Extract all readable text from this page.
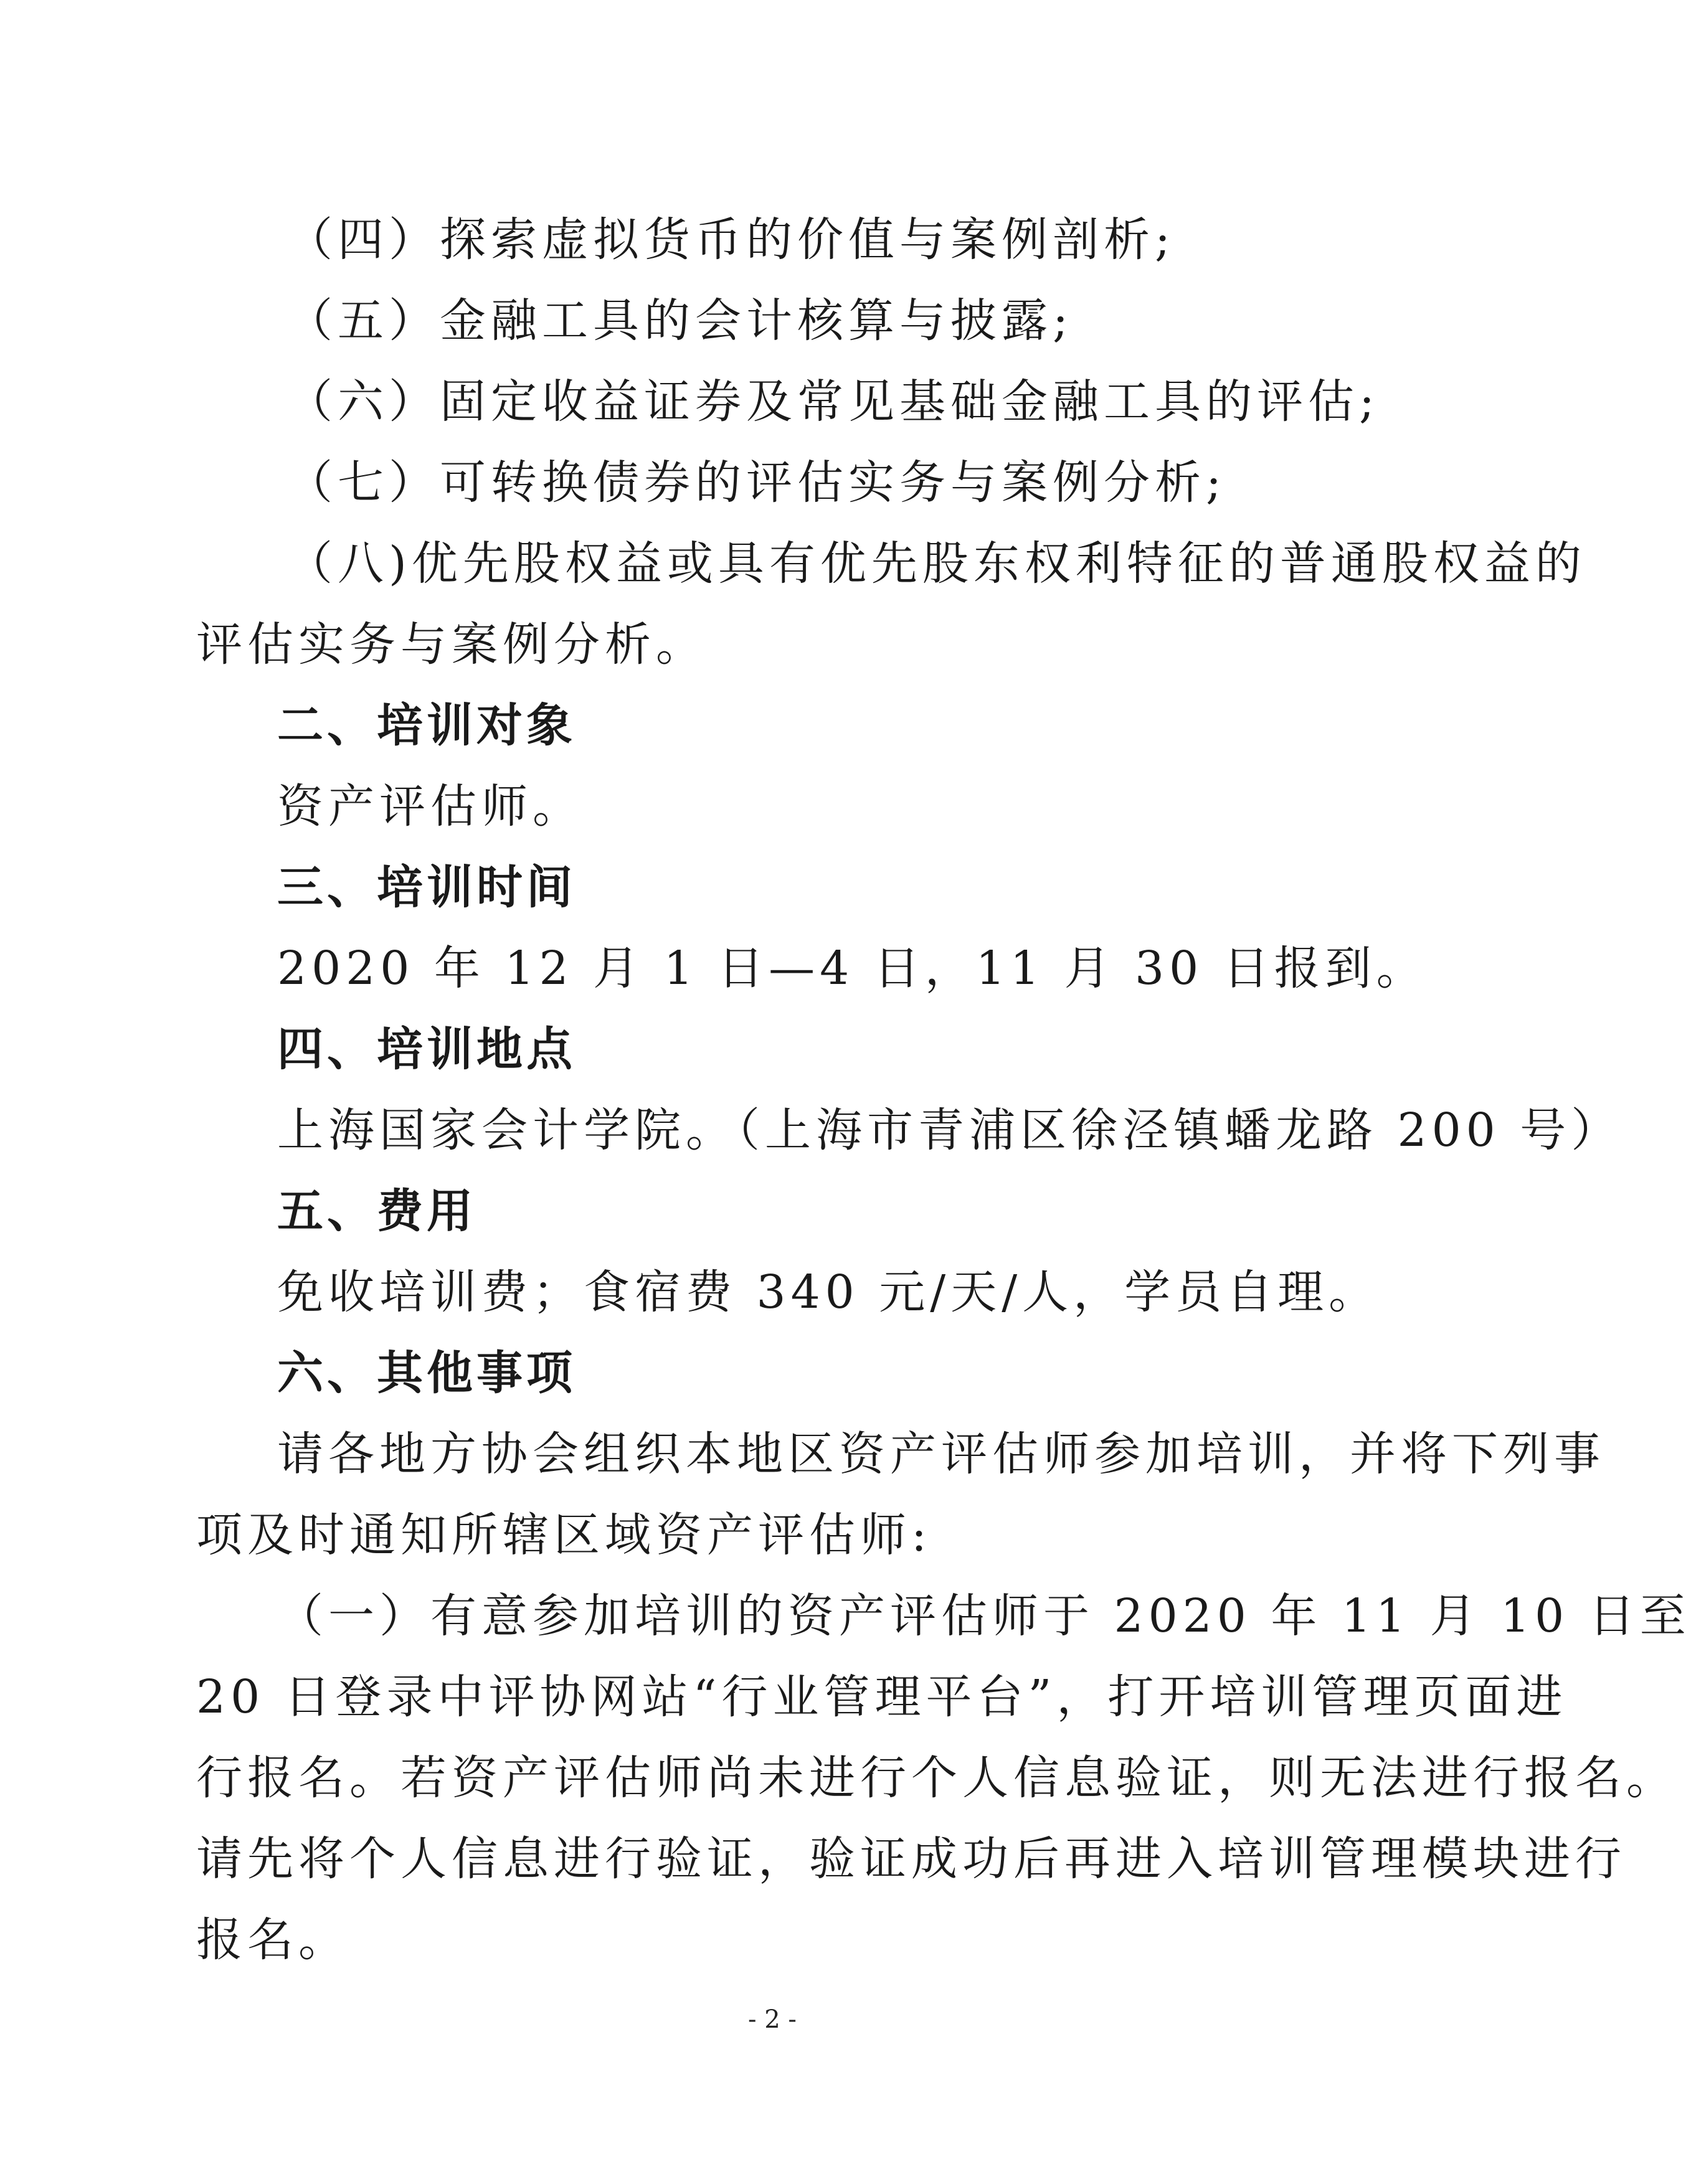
（四）探索虚拟货币的价值与案例剖析;
（五）金融工具的会计核算与披露;
（六）固定收益证券及常见基础金融工具的评估;
（七）可转换债券的评估实务与案例分析;
（八)优先股权益或具有优先股东权利特征的普通股权益的
评估实务与案例分析。
二、培训对象
资产评估师。
三、培训时间
2020 年 12 月 1 日—4 日，11 月 30 日报到。
四、培训地点
上海国家会计学院。（上海市青浦区徐泾镇蟠龙路 200 号）
五、费用
免收培训费；食宿费 340 元/天/人，学员自理。
六、其他事项
请各地方协会组织本地区资产评估师参加培训，并将下列事
项及时通知所辖区域资产评估师:
（一）有意参加培训的资产评估师于 2020 年 11 月 10 日至
20 日登录中评协网站“行业管理平台”，打开培训管理页面进
行报名。若资产评估师尚未进行个人信息验证，则无法进行报名。
请先将个人信息进行验证，验证成功后再进入培训管理模块进行
报名。
- 2 -
